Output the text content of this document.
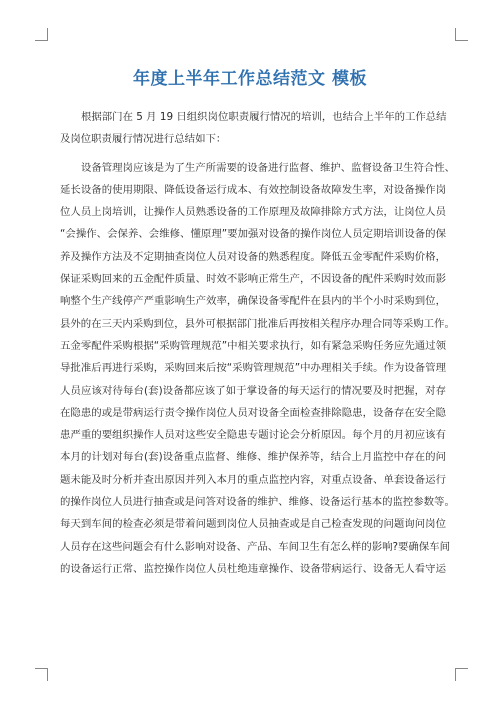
年度上半年工作总结范文 模板
根据部门在 5 月 19 日组织岗位职责履行情况的培训，也结合上半年的工作总结
及岗位职责履行情况进行总结如下：
设备管理岗应该是为了生产所需要的设备进行监督、维护、监督设备卫生符合性、
延长设备的使用期限、降低设备运行成本、有效控制设备故障发生率，对设备操作岗
位人员上岗培训，让操作人员熟悉设备的工作原理及故障排除方式方法，让岗位人员
“会操作、会保养、会维修、懂原理”要加强对设备的操作岗位人员定期培训设备的保
养及操作方法及不定期抽查岗位人员对设备的熟悉程度。降低五金零配件采购价格，
保证采购回来的五金配件质量、时效不影响正常生产，不因设备的配件采购时效而影
响整个生产线停产严重影响生产效率，确保设备零配件在县内的半个小时采购到位，
县外的在三天内采购到位，县外可根据部门批准后再按相关程序办理合同等采购工作。
五金零配件采购根据“采购管理规范”中相关要求执行，如有紧急采购任务应先通过领
导批准后再进行采购，采购回来后按“采购管理规范”中办理相关手续。作为设备管理
人员应该对待每台(套)设备都应该了如于掌设备的每天运行的情况要及时把握，对存
在隐患的或是带病运行责令操作岗位人员对设备全面检查排除隐患，设备存在安全隐
患严重的要组织操作人员对这些安全隐患专题讨论会分析原因。每个月的月初应该有
本月的计划对每台(套)设备重点监督、维修、维护保养等，结合上月监控中存在的问
题未能及时分析并查出原因并列入本月的重点监控内容，对重点设备、单套设备运行
的操作岗位人员进行抽查或是问答对设备的维护、维修、设备运行基本的监控参数等。
每天到车间的检查必须是带着问题到岗位人员抽查或是自己检查发现的问题询问岗位
人员存在这些问题会有什么影响对设备、产品、车间卫生有怎么样的影响?要确保车间
的设备运行正常、监控操作岗位人员杜绝违章操作、设备带病运行、设备无人看守运
